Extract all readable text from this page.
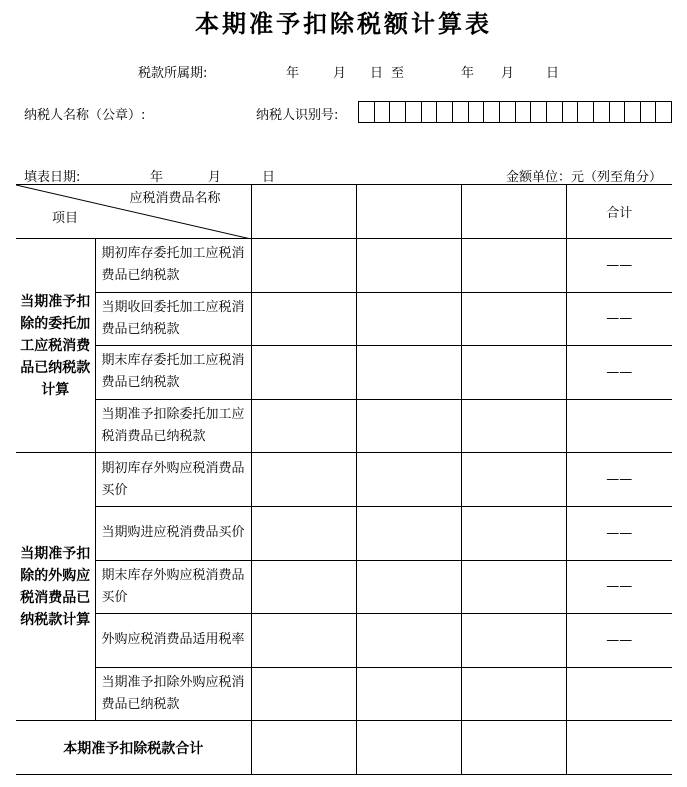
本期准予扣除税额计算表
税款所属期:	年	月 日 至	年 月 日
纳税人名称（公章）:	纳税人识别号:
填表日期:	年	月	日	金额单位：元（列至角分）
应税消费品名称
项目					合计
当期准予扣除的委托加工应税消费品已纳税款计算	期初库存委托加工应税消费品已纳税款				——
	当期收回委托加工应税消费品已纳税款				——
	期末库存委托加工应税消费品已纳税款				——
	当期准予扣除委托加工应税消费品已纳税款				
当期准予扣除的外购应税消费品已纳税款计算	期初库存外购应税消费品买价				——
	当期购进应税消费品买价				——
	期末库存外购应税消费品买价				——
	外购应税消费品适用税率				——
	当期准予扣除外购应税消费品已纳税款				
本期准予扣除税款合计					
